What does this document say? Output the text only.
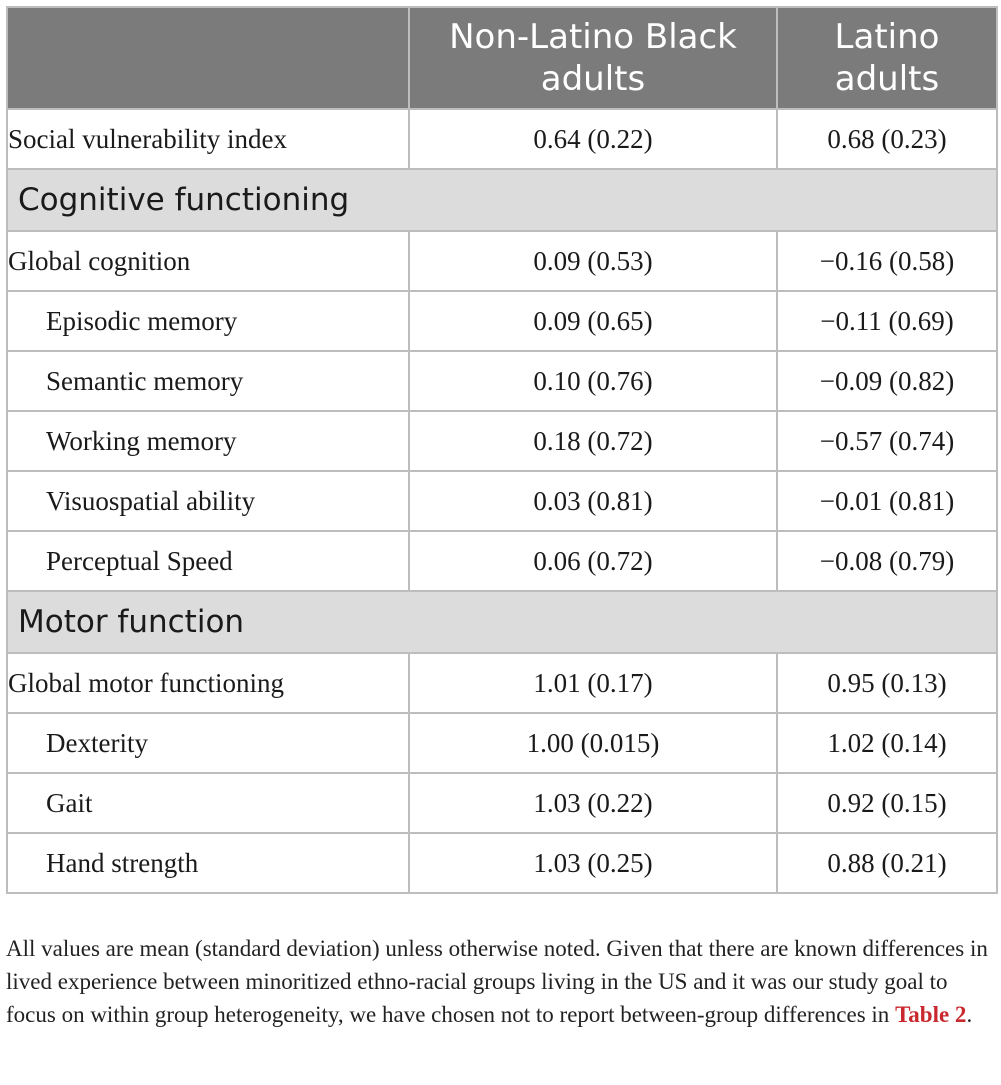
	Non-Latino Black adults	Latino adults
Social vulnerability index	0.64 (0.22)	0.68 (0.23)
Cognitive functioning		
Global cognition	0.09 (0.53)	−0.16 (0.58)
Episodic memory	0.09 (0.65)	−0.11 (0.69)
Semantic memory	0.10 (0.76)	−0.09 (0.82)
Working memory	0.18 (0.72)	−0.57 (0.74)
Visuospatial ability	0.03 (0.81)	−0.01 (0.81)
Perceptual Speed	0.06 (0.72)	−0.08 (0.79)
Motor function		
Global motor functioning	1.01 (0.17)	0.95 (0.13)
Dexterity	1.00 (0.015)	1.02 (0.14)
Gait	1.03 (0.22)	0.92 (0.15)
Hand strength	1.03 (0.25)	0.88 (0.21)

All values are mean (standard deviation) unless otherwise noted. Given that there are known differences in lived experience between minoritized ethno-racial groups living in the US and it was our study goal to focus on within group heterogeneity, we have chosen not to report between-group differences in Table 2.
